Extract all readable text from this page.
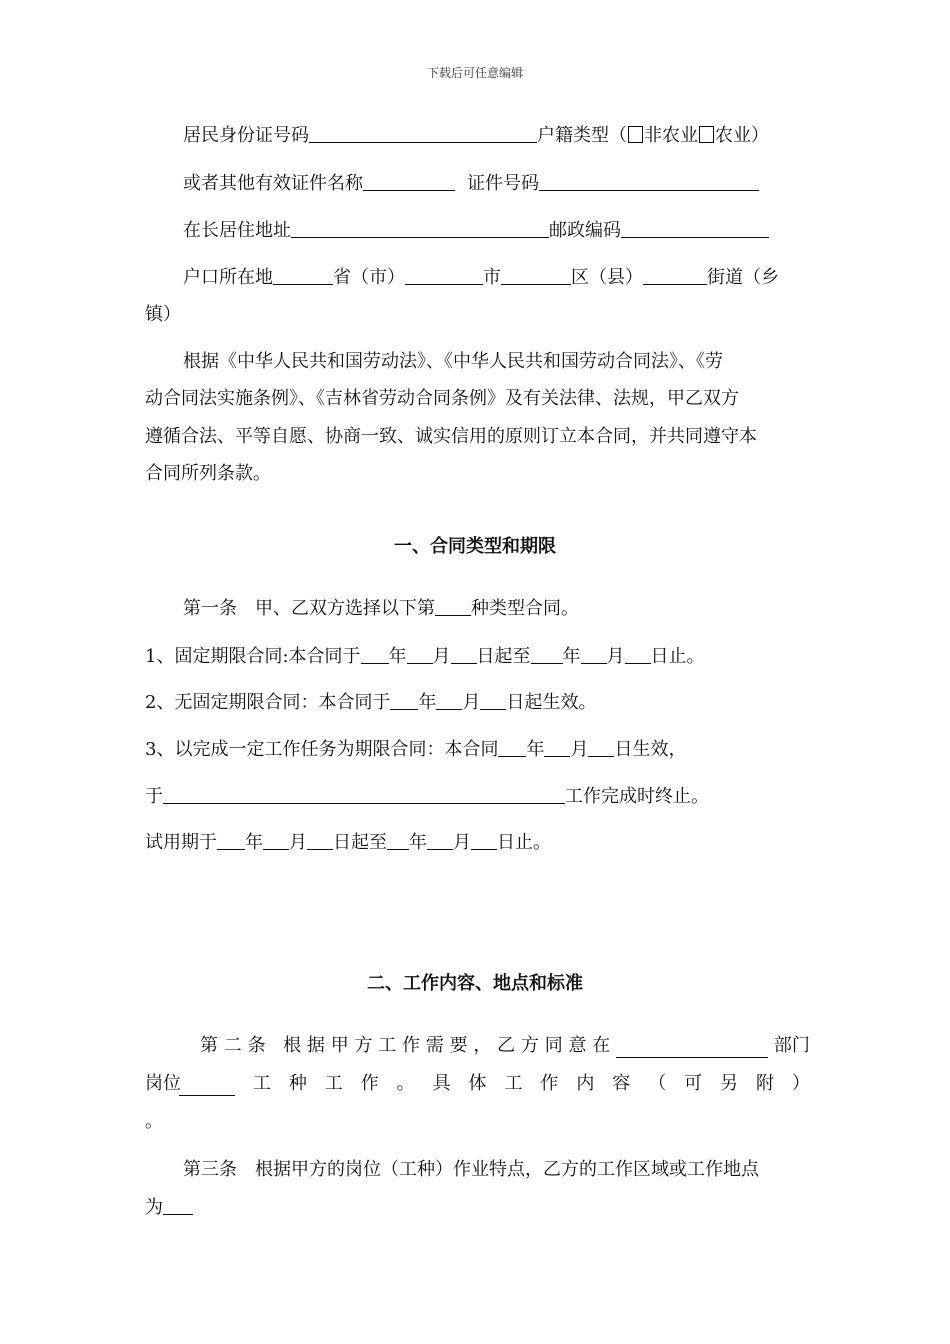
下载后可任意编辑
居民身份证号码	户籍类型（ 非农业 农业）
或者其他有效证件名称	证件号码
在长居住地址	邮政编码
户口所在地	省（市）	市	区（县）	街道（乡
镇）
根据《中华人民共和国劳动法》、《中华人民共和国劳动合同法》、《劳
动合同法实施条例》、《吉林省劳动合同条例》及有关法律、法规，甲乙双方
遵循合法、平等自愿、协商一致、诚实信用的原则订立本合同，并共同遵守本
合同所列条款。
一、合同类型和期限
第一条　甲、乙双方选择以下第 种类型合同。
1、固定期限合同:本合同于 年 月 日起至 年 月 日止。
2、无固定期限合同：本合同于 年 月 日起生效。
3、以完成一定工作任务为期限合同：本合同 年 月 日生效，
于	工作完成时终止。
试用期于 年 月 日起至 年 月 日止。
二、工作内容、地点和标准
第 二 条 根 据 甲 方 工 作 需 要 ， 乙 方 同 意 在	部门
岗位	工 种 工 作 。 具 体 工 作 内 容 （ 可 另 附 ）
。
第三条　根据甲方的岗位（工种）作业特点，乙方的工作区域或工作地点
为
